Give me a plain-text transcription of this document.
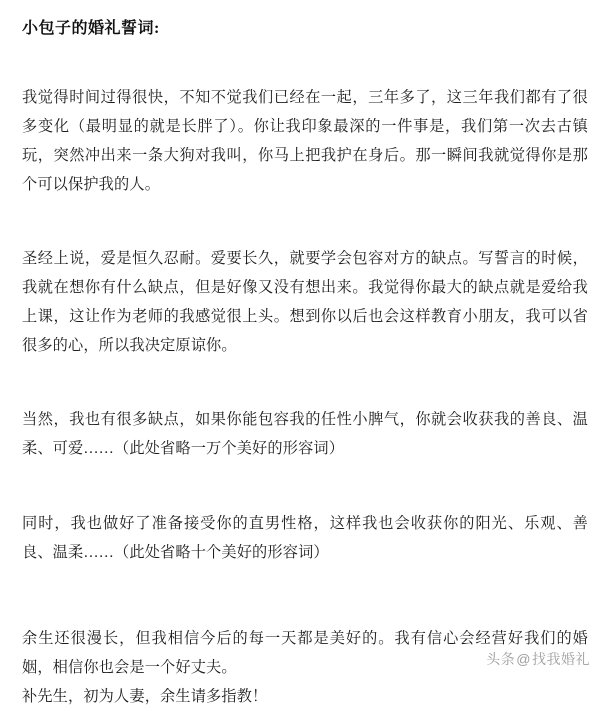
小包子的婚礼誓词:

我觉得时间过得很快，不知不觉我们已经在一起，三年多了，这三年我们都有了很多变化（最明显的就是长胖了）。你让我印象最深的一件事是，我们第一次去古镇玩，突然冲出来一条大狗对我叫，你马上把我护在身后。那一瞬间我就觉得你是那个可以保护我的人。

圣经上说，爱是恒久忍耐。爱要长久，就要学会包容对方的缺点。写誓言的时候，我就在想你有什么缺点，但是好像又没有想出来。我觉得你最大的缺点就是爱给我上课，这让作为老师的我感觉很上头。想到你以后也会这样教育小朋友，我可以省很多的心，所以我决定原谅你。

当然，我也有很多缺点，如果你能包容我的任性小脾气，你就会收获我的善良、温柔、可爱……（此处省略一万个美好的形容词）

同时，我也做好了准备接受你的直男性格，这样我也会收获你的阳光、乐观、善良、温柔……（此处省略十个美好的形容词）

余生还很漫长，但我相信今后的每一天都是美好的。我有信心会经营好我们的婚姻，相信你也会是一个好丈夫。

补先生，初为人妻，余生请多指教！

头条@找我婚礼
